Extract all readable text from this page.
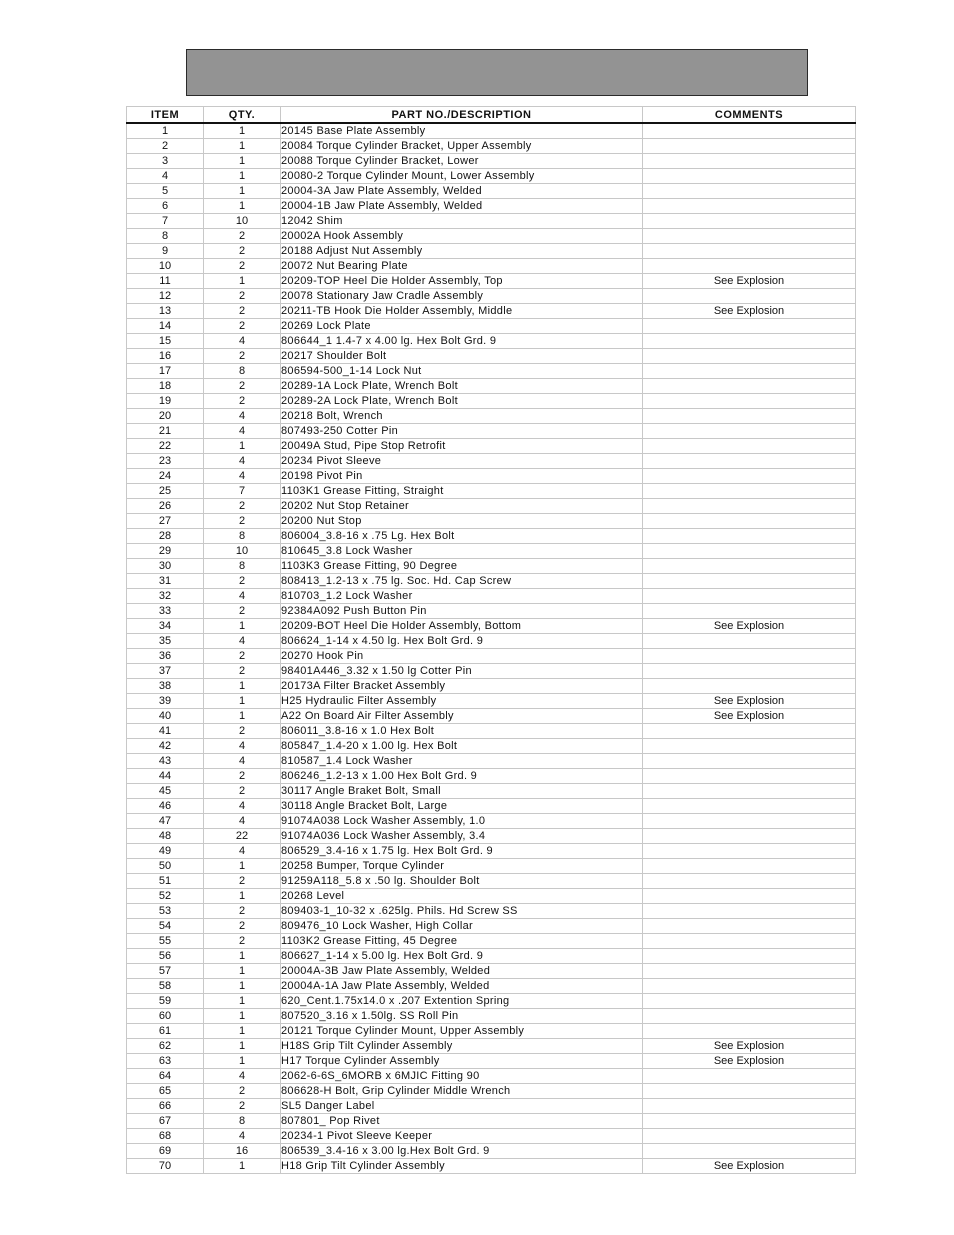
ITEM	QTY.	PART NO./DESCRIPTION	COMMENTS
1	1	20145 Base Plate Assembly	
2	1	20084 Torque Cylinder Bracket, Upper Assembly	
3	1	20088 Torque Cylinder Bracket, Lower	
4	1	20080-2 Torque Cylinder Mount, Lower Assembly	
5	1	20004-3A Jaw Plate Assembly, Welded	
6	1	20004-1B Jaw Plate Assembly, Welded	
7	10	12042 Shim	
8	2	20002A Hook Assembly	
9	2	20188 Adjust Nut Assembly	
10	2	20072 Nut Bearing Plate	
11	1	20209-TOP Heel Die Holder Assembly, Top	See Explosion
12	2	20078 Stationary Jaw Cradle Assembly	
13	2	20211-TB Hook Die Holder Assembly, Middle	See Explosion
14	2	20269 Lock Plate	
15	4	806644_1 1.4-7 x 4.00 lg. Hex Bolt Grd. 9	
16	2	20217 Shoulder Bolt	
17	8	806594-500_1-14 Lock Nut	
18	2	20289-1A Lock Plate, Wrench Bolt	
19	2	20289-2A Lock Plate, Wrench Bolt	
20	4	20218 Bolt, Wrench	
21	4	807493-250 Cotter Pin	
22	1	20049A Stud, Pipe Stop Retrofit	
23	4	20234 Pivot Sleeve	
24	4	20198 Pivot Pin	
25	7	1103K1 Grease Fitting, Straight	
26	2	20202 Nut Stop Retainer	
27	2	20200 Nut Stop	
28	8	806004_3.8-16 x .75 Lg. Hex Bolt	
29	10	810645_3.8 Lock Washer	
30	8	1103K3 Grease Fitting, 90 Degree	
31	2	808413_1.2-13 x .75 lg. Soc. Hd. Cap Screw	
32	4	810703_1.2 Lock Washer	
33	2	92384A092 Push Button Pin	
34	1	20209-BOT Heel Die Holder Assembly, Bottom	See Explosion
35	4	806624_1-14 x 4.50 lg. Hex Bolt Grd. 9	
36	2	20270 Hook Pin	
37	2	98401A446_3.32 x 1.50 lg Cotter Pin	
38	1	20173A Filter Bracket Assembly	
39	1	H25 Hydraulic Filter Assembly	See Explosion
40	1	A22 On Board Air Filter Assembly	See Explosion
41	2	806011_3.8-16 x 1.0 Hex Bolt	
42	4	805847_1.4-20 x 1.00 lg. Hex Bolt	
43	4	810587_1.4 Lock Washer	
44	2	806246_1.2-13 x 1.00 Hex Bolt Grd. 9	
45	2	30117 Angle Braket Bolt, Small	
46	4	30118 Angle Bracket Bolt, Large	
47	4	91074A038 Lock Washer Assembly, 1.0	
48	22	91074A036 Lock Washer Assembly, 3.4	
49	4	806529_3.4-16 x 1.75 lg. Hex Bolt Grd. 9	
50	1	20258 Bumper, Torque Cylinder	
51	2	91259A118_5.8 x .50 lg. Shoulder Bolt	
52	1	20268 Level	
53	2	809403-1_10-32 x .625lg. Phils. Hd Screw SS	
54	2	809476_10 Lock Washer, High Collar	
55	2	1103K2 Grease Fitting, 45 Degree	
56	1	806627_1-14 x 5.00 lg. Hex Bolt Grd. 9	
57	1	20004A-3B Jaw Plate Assembly, Welded	
58	1	20004A-1A Jaw Plate Assembly, Welded	
59	1	620_Cent.1.75x14.0 x .207 Extention Spring	
60	1	807520_3.16 x 1.50lg. SS Roll Pin	
61	1	20121 Torque Cylinder Mount, Upper Assembly	
62	1	H18S Grip Tilt Cylinder Assembly	See Explosion
63	1	H17 Torque Cylinder Assembly	See Explosion
64	4	2062-6-6S_6MORB x 6MJIC Fitting 90	
65	2	806628-H Bolt, Grip Cylinder Middle Wrench	
66	2	SL5 Danger Label	
67	8	807801_ Pop Rivet	
68	4	20234-1 Pivot Sleeve Keeper	
69	16	806539_3.4-16 x 3.00 lg.Hex Bolt Grd. 9	
70	1	H18 Grip Tilt Cylinder Assembly	See Explosion
